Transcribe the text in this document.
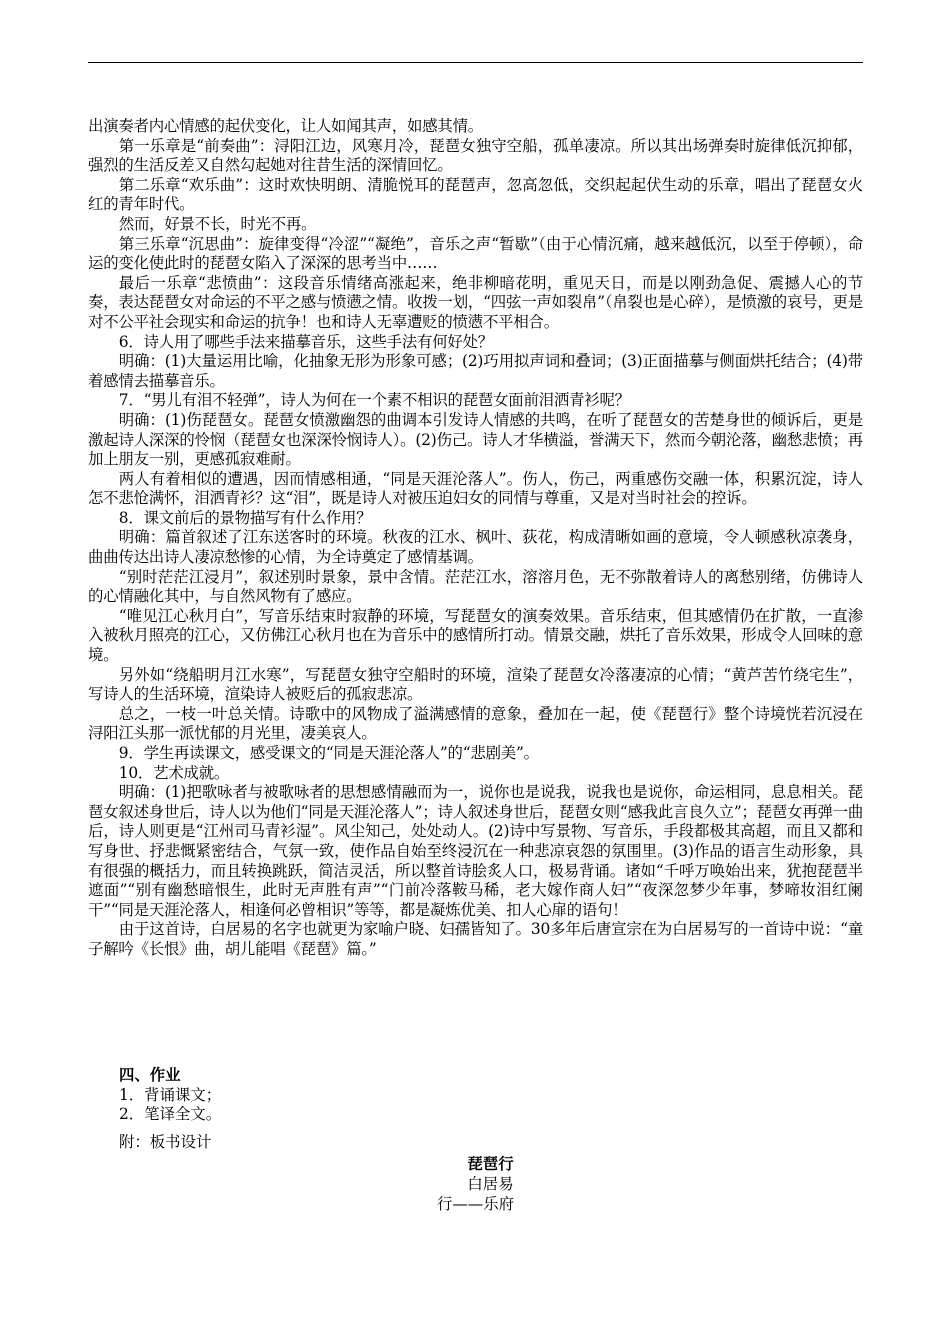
出演奏者内心情感的起伏变化，让人如闻其声，如感其情。

第一乐章是“前奏曲”：浔阳江边，风寒月冷，琵琶女独守空船，孤单凄凉。所以其出场弹奏时旋律低沉抑郁，强烈的生活反差又自然勾起她对往昔生活的深情回忆。

第二乐章“欢乐曲”：这时欢快明朗、清脆悦耳的琵琶声，忽高忽低，交织起起伏生动的乐章，唱出了琵琶女火红的青年时代。

然而，好景不长，时光不再。

第三乐章“沉思曲”：旋律变得“冷涩”“凝绝”，音乐之声“暂歇”（由于心情沉痛，越来越低沉，以至于停顿），命运的变化使此时的琵琶女陷入了深深的思考当中……

最后一乐章“悲愤曲”：这段音乐情绪高涨起来，绝非柳暗花明，重见天日，而是以刚劲急促、震撼人心的节奏，表达琵琶女对命运的不平之感与愤懑之情。收拨一划，“四弦一声如裂帛”（帛裂也是心碎），是愤激的哀号，更是对不公平社会现实和命运的抗争！也和诗人无辜遭贬的愤懑不平相合。

6．诗人用了哪些手法来描摹音乐，这些手法有何好处？

明确：(1)大量运用比喻，化抽象无形为形象可感；(2)巧用拟声词和叠词；(3)正面描摹与侧面烘托结合；(4)带着感情去描摹音乐。

7．“男儿有泪不轻弹”，诗人为何在一个素不相识的琵琶女面前泪洒青衫呢？

明确：(1)伤琵琶女。琵琶女愤激幽怨的曲调本引发诗人情感的共鸣，在听了琵琶女的苦楚身世的倾诉后，更是激起诗人深深的怜悯（琵琶女也深深怜悯诗人）。(2)伤己。诗人才华横溢，誉满天下，然而今朝沦落，幽愁悲愤；再加上朋友一别，更感孤寂难耐。

两人有着相似的遭遇，因而情感相通，“同是天涯沦落人”。伤人，伤己，两重感伤交融一体，积累沉淀，诗人怎不悲怆满怀，泪洒青衫？这“泪”，既是诗人对被压迫妇女的同情与尊重，又是对当时社会的控诉。

8．课文前后的景物描写有什么作用？

明确：篇首叙述了江东送客时的环境。秋夜的江水、枫叶、荻花，构成清晰如画的意境，令人顿感秋凉袭身，曲曲传达出诗人凄凉愁惨的心情，为全诗奠定了感情基调。

“别时茫茫江浸月”，叙述别时景象，景中含情。茫茫江水，溶溶月色，无不弥散着诗人的离愁别绪，仿佛诗人的心情融化其中，与自然风物有了感应。

“唯见江心秋月白”，写音乐结束时寂静的环境，写琵琶女的演奏效果。音乐结束，但其感情仍在扩散，一直渗入被秋月照亮的江心，又仿佛江心秋月也在为音乐中的感情所打动。情景交融，烘托了音乐效果，形成令人回味的意境。

另外如“绕船明月江水寒”，写琵琶女独守空船时的环境，渲染了琵琶女冷落凄凉的心情；“黄芦苦竹绕宅生”，写诗人的生活环境，渲染诗人被贬后的孤寂悲凉。

总之，一枝一叶总关情。诗歌中的风物成了溢满感情的意象，叠加在一起，使《琵琶行》整个诗境恍若沉浸在浔阳江头那一派忧郁的月光里，凄美哀人。

9．学生再读课文，感受课文的“同是天涯沦落人”的“悲剧美”。

10．艺术成就。

明确：(1)把歌咏者与被歌咏者的思想感情融而为一，说你也是说我，说我也是说你，命运相同，息息相关。琵琶女叙述身世后，诗人以为他们“同是天涯沦落人”；诗人叙述身世后，琵琶女则“感我此言良久立”；琵琶女再弹一曲后，诗人则更是“江州司马青衫湿”。风尘知己，处处动人。(2)诗中写景物、写音乐，手段都极其高超，而且又都和写身世、抒悲慨紧密结合，气氛一致，使作品自始至终浸沉在一种悲凉哀怨的氛围里。(3)作品的语言生动形象，具有很强的概括力，而且转换跳跃，简洁灵活，所以整首诗脍炙人口，极易背诵。诸如“千呼万唤始出来，犹抱琵琶半遮面”“别有幽愁暗恨生，此时无声胜有声”“门前冷落鞍马稀，老大嫁作商人妇”“夜深忽梦少年事，梦啼妆泪红阑干”“同是天涯沦落人，相逢何必曾相识”等等，都是凝炼优美、扣人心扉的语句！

由于这首诗，白居易的名字也就更为家喻户晓、妇孺皆知了。30多年后唐宣宗在为白居易写的一首诗中说：“童子解吟《长恨》曲，胡儿能唱《琵琶》篇。”

四、作业
1．背诵课文；
2．笔译全文。
附：板书设计
琵琶行
白居易
行——乐府
